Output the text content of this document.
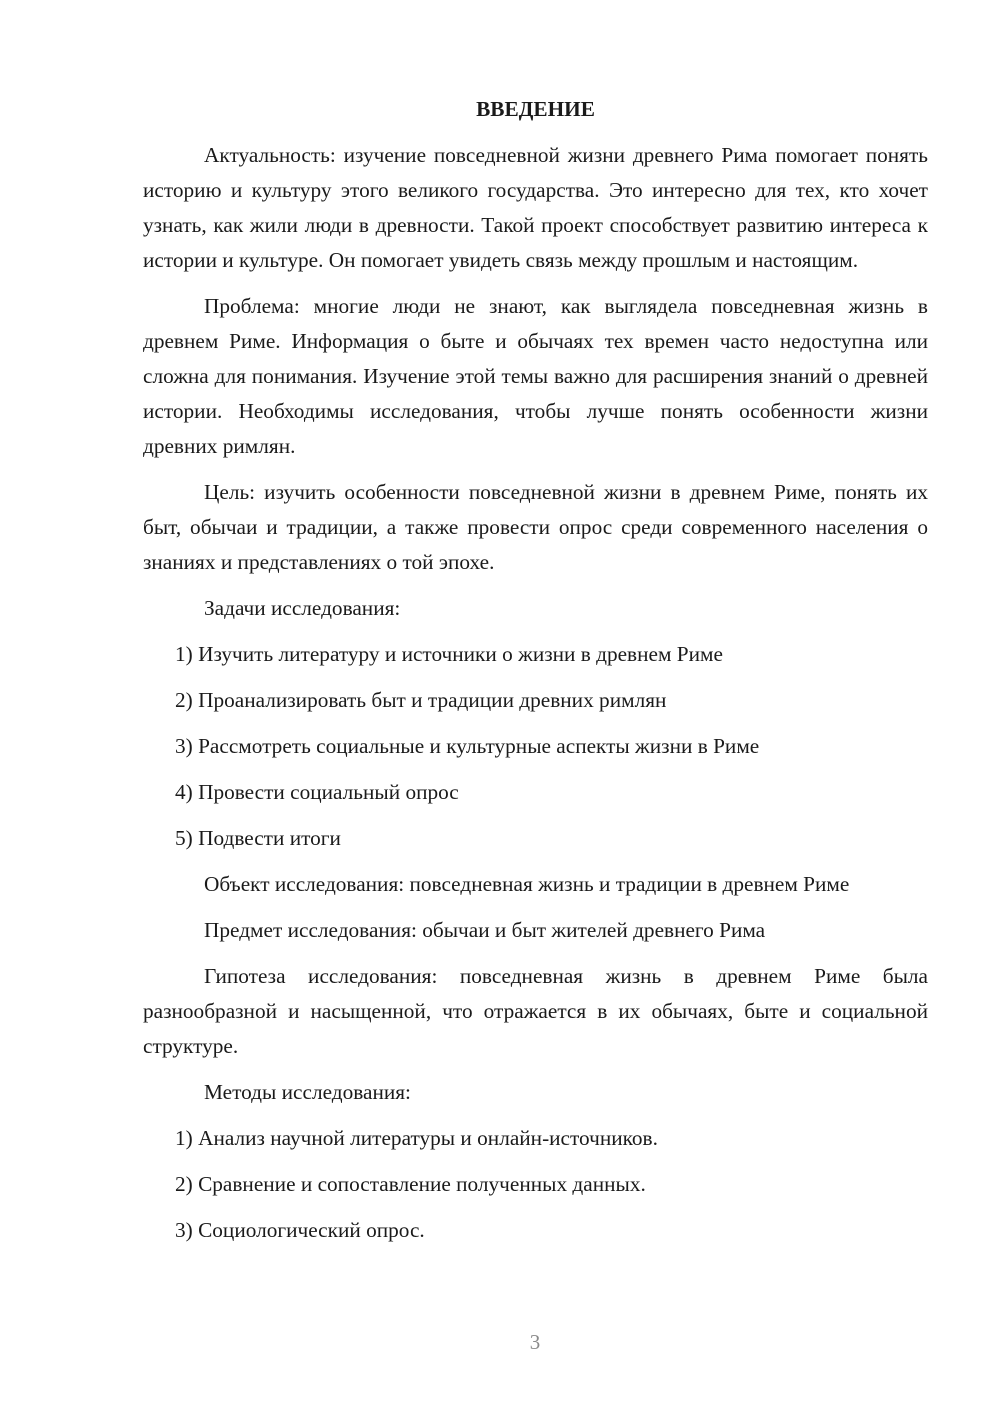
ВВЕДЕНИЕ

Актуальность: изучение повседневной жизни древнего Рима помогает понять историю и культуру этого великого государства. Это интересно для тех, кто хочет узнать, как жили люди в древности. Такой проект способствует развитию интереса к истории и культуре. Он помогает увидеть связь между прошлым и настоящим.

Проблема: многие люди не знают, как выглядела повседневная жизнь в древнем Риме. Информация о быте и обычаях тех времен часто недоступна или сложна для понимания. Изучение этой темы важно для расширения знаний о древней истории. Необходимы исследования, чтобы лучше понять особенности жизни древних римлян.

Цель: изучить особенности повседневной жизни в древнем Риме, понять их быт, обычаи и традиции, а также провести опрос среди современного населения о знаниях и представлениях о той эпохе.

Задачи исследования:

1) Изучить литературу и источники о жизни в древнем Риме

2) Проанализировать быт и традиции древних римлян

3) Рассмотреть социальные и культурные аспекты жизни в Риме

4) Провести социальный опрос

5) Подвести итоги

Объект исследования: повседневная жизнь и традиции в древнем Риме

Предмет исследования: обычаи и быт жителей древнего Рима

Гипотеза исследования: повседневная жизнь в древнем Риме была разнообразной и насыщенной, что отражается в их обычаях, быте и социальной структуре.

Методы исследования:

1) Анализ научной литературы и онлайн-источников.

2) Сравнение и сопоставление полученных данных.

3) Социологический опрос.

3
